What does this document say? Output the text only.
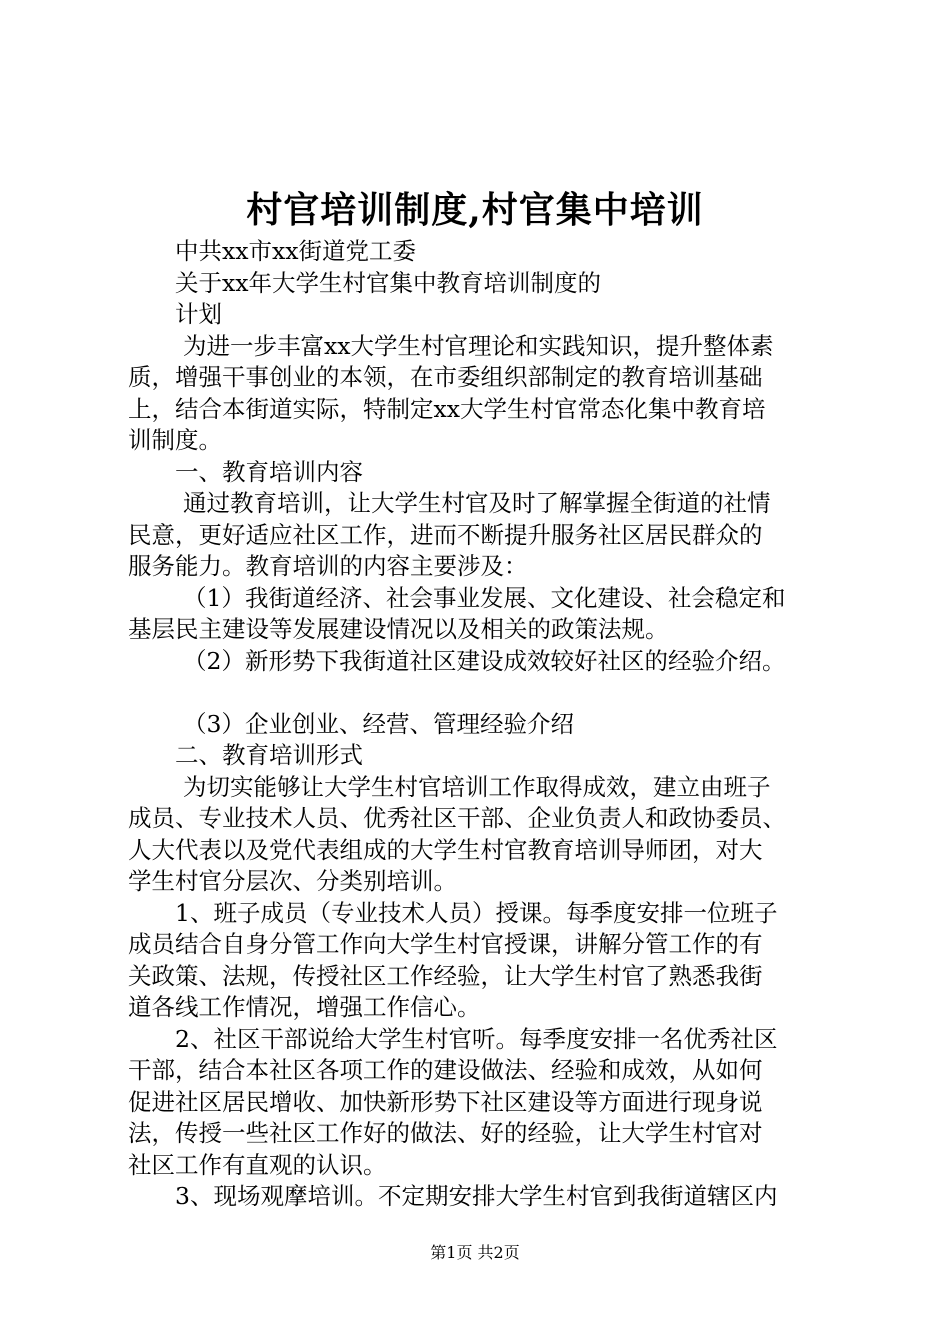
村官培训制度,村官集中培训
中共xx市xx街道党工委
关于xx年大学生村官集中教育培训制度的
计划
为进一步丰富xx大学生村官理论和实践知识，提升整体素
质，增强干事创业的本领，在市委组织部制定的教育培训基础
上，结合本街道实际，特制定xx大学生村官常态化集中教育培
训制度。
一、教育培训内容
通过教育培训，让大学生村官及时了解掌握全街道的社情
民意，更好适应社区工作，进而不断提升服务社区居民群众的
服务能力。教育培训的内容主要涉及：
（1）我街道经济、社会事业发展、文化建设、社会稳定和
基层民主建设等发展建设情况以及相关的政策法规。
（2）新形势下我街道社区建设成效较好社区的经验介绍。
（3）企业创业、经营、管理经验介绍
二、教育培训形式
为切实能够让大学生村官培训工作取得成效，建立由班子
成员、专业技术人员、优秀社区干部、企业负责人和政协委员、
人大代表以及党代表组成的大学生村官教育培训导师团，对大
学生村官分层次、分类别培训。
1、班子成员（专业技术人员）授课。每季度安排一位班子
成员结合自身分管工作向大学生村官授课，讲解分管工作的有
关政策、法规，传授社区工作经验，让大学生村官了熟悉我街
道各线工作情况，增强工作信心。
2、社区干部说给大学生村官听。每季度安排一名优秀社区
干部，结合本社区各项工作的建设做法、经验和成效，从如何
促进社区居民增收、加快新形势下社区建设等方面进行现身说
法，传授一些社区工作好的做法、好的经验，让大学生村官对
社区工作有直观的认识。
3、现场观摩培训。不定期安排大学生村官到我街道辖区内
第1页 共2页
